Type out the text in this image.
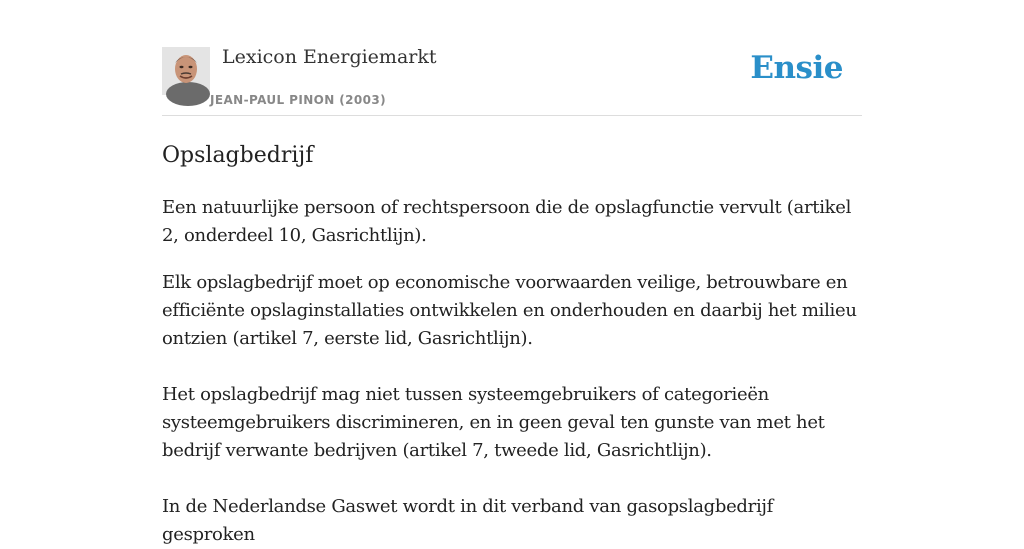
Lexicon Energiemarkt
JEAN-PAUL PINON (2003)
Ensie
Opslagbedrijf

Een natuurlijke persoon of rechtspersoon die de opslagfunctie vervult (artikel 2, onderdeel 10, Gasrichtlijn).

Elk opslagbedrijf moet op economische voorwaarden veilige, betrouwbare en efficiënte opslaginstallaties ontwikkelen en onderhouden en daarbij het milieu ontzien (artikel 7, eerste lid, Gasrichtlijn).

Het opslagbedrijf mag niet tussen systeemgebruikers of categorieën systeemgebruikers discrimineren, en in geen geval ten gunste van met het bedrijf verwante bedrijven (artikel 7, tweede lid, Gasrichtlijn).

In de Nederlandse Gaswet wordt in dit verband van gasopslagbedrijf gesproken
